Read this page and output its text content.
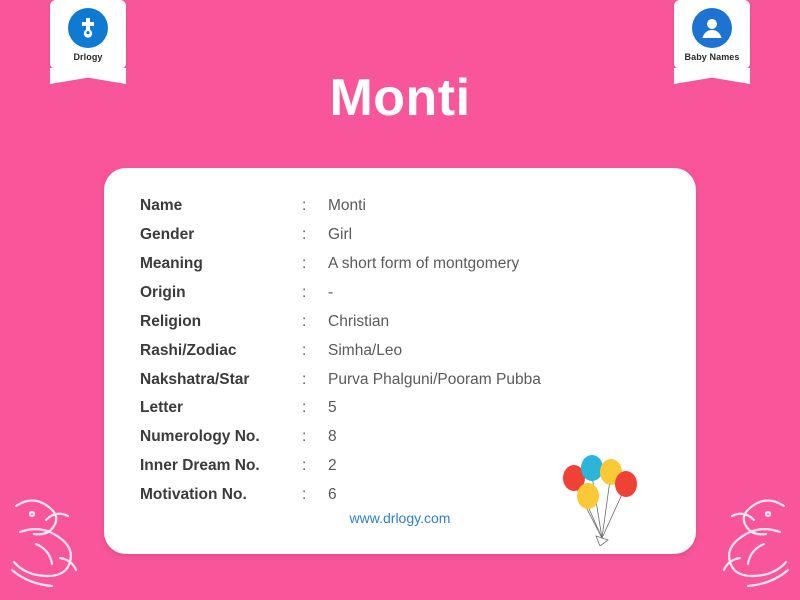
Drlogy	Baby Names
Monti
Name	:	Monti
Gender	:	Girl
Meaning	:	A short form of montgomery
Origin	:	-
Religion	:	Christian
Rashi/Zodiac	:	Simha/Leo
Nakshatra/Star	:	Purva Phalguni/Pooram Pubba
Letter	:	5
Numerology No.	:	8
Inner Dream No.	:	2
Motivation No.	:	6
www.drlogy.com
